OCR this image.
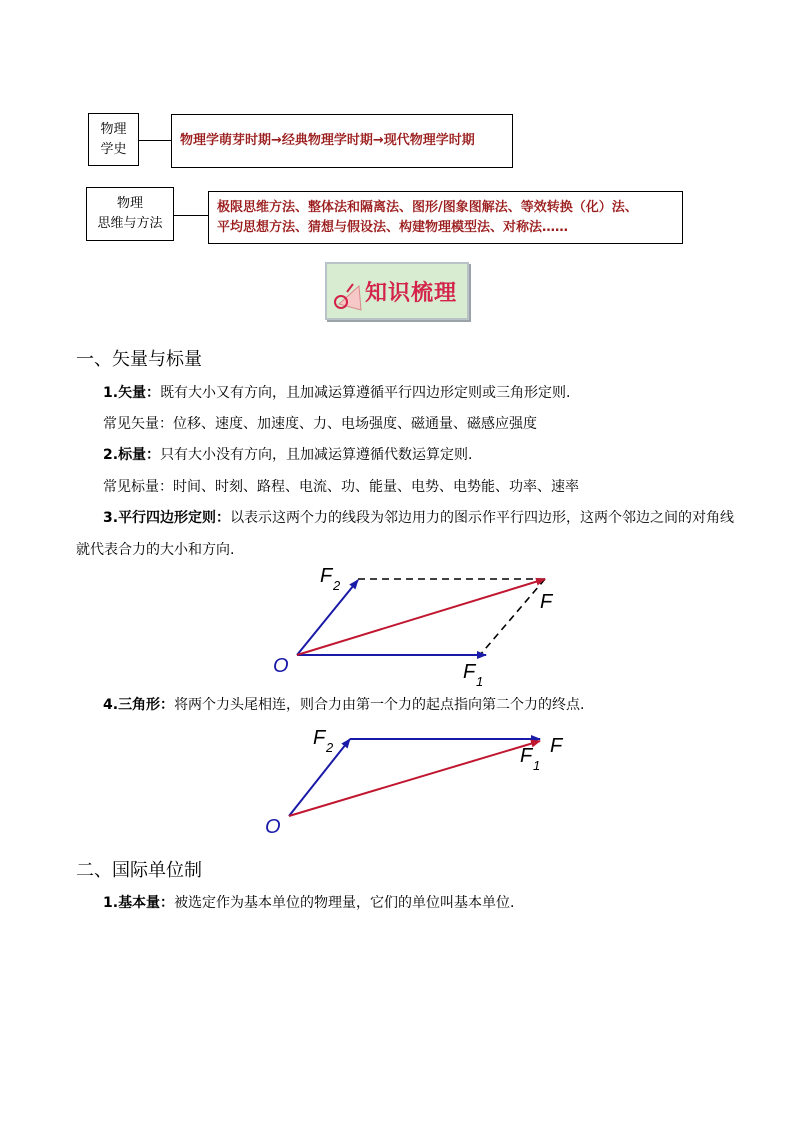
物理
学史
物理学萌芽时期→经典物理学时期→现代物理学时期
物理
思维与方法
极限思维方法、整体法和隔离法、图形/图象图解法、等效转换（化）法、
平均思想方法、猜想与假设法、构建物理模型法、对称法……
知识梳理
一、矢量与标量
1.矢量：既有大小又有方向，且加减运算遵循平行四边形定则或三角形定则.
常见矢量：位移、速度、加速度、力、电场强度、磁通量、磁感应强度
2.标量：只有大小没有方向，且加减运算遵循代数运算定则.
常见标量：时间、时刻、路程、电流、功、能量、电势、电势能、功率、速率
3.平行四边形定则：以表示这两个力的线段为邻边用力的图示作平行四边形，这两个邻边之间的对角线
就代表合力的大小和方向.
O
F 2
F 1
F
4.三角形：将两个力头尾相连，则合力由第一个力的起点指向第二个力的终点.
O
F 2	F 1
F
二、国际单位制
1.基本量：被选定作为基本单位的物理量，它们的单位叫基本单位.
